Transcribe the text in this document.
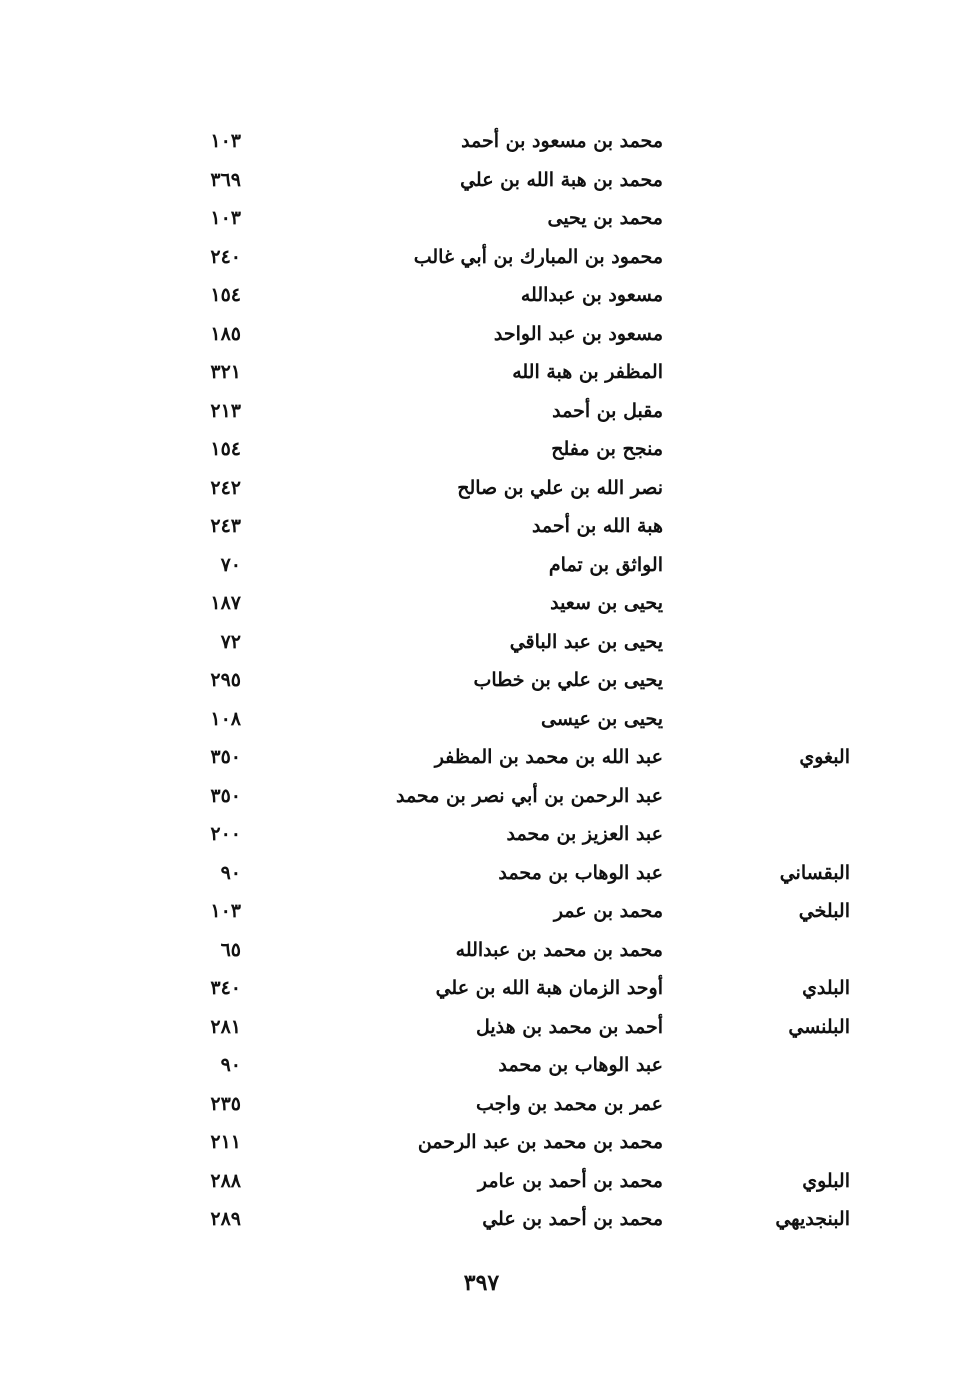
محمد بن مسعود بن أحمد
١٠٣
محمد بن هبة الله بن علي
٣٦٩
محمد بن يحيى
١٠٣
محمود بن المبارك بن أبي غالب
٢٤٠
مسعود بن عبدالله
١٥٤
مسعود بن عبد الواحد
١٨٥
المظفر بن هبة الله
٣٢١
مقبل بن أحمد
٢١٣
منجح بن مفلح
١٥٤
نصر الله بن علي بن صالح
٢٤٢
هبة الله بن أحمد
٢٤٣
الواثق بن تمام
٧٠
يحيى بن سعيد
١٨٧
يحيى بن عبد الباقي
٧٢
يحيى بن علي بن خطاب
٢٩٥
يحيى بن عيسى
١٠٨
البغوي
عبد الله بن محمد بن المظفر
٣٥٠
عبد الرحمن بن أبي نصر بن محمد
٣٥٠
عبد العزيز بن محمد
٢٠٠
البقساني
عبد الوهاب بن محمد
٩٠
البلخي
محمد بن عمر
١٠٣
محمد بن محمد بن عبدالله
٦٥
البلدي
أوحد الزمان هبة الله بن علي
٣٤٠
البلنسي
أحمد بن محمد بن هذيل
٢٨١
عبد الوهاب بن محمد
٩٠
عمر بن محمد بن واجب
٢٣٥
محمد بن محمد بن عبد الرحمن
٢١١
البلوي
محمد بن أحمد بن عامر
٢٨٨
البنجديهي
محمد بن أحمد بن علي
٢٨٩
٣٩٧
